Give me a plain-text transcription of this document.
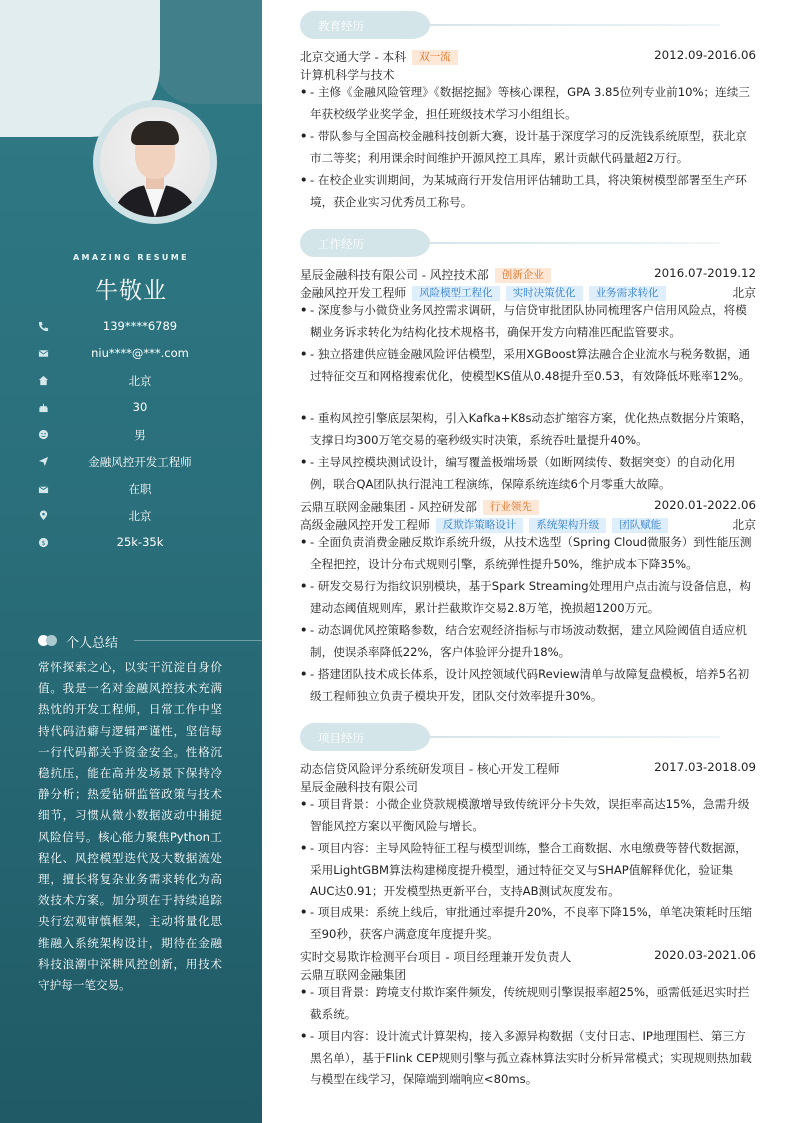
AMAZING RESUME
牛敬业
139****6789
niu****@***.com
北京
30
男
金融风控开发工程师
在职
北京
$	25k-35k
个人总结
常怀探索之心，以实干沉淀自身价值。我是一名对金融风控技术充满热忱的开发工程师，日常工作中坚持代码洁癖与逻辑严谨性，坚信每一行代码都关乎资金安全。性格沉稳抗压，能在高并发场景下保持冷静分析；热爱钻研监管政策与技术细节，习惯从微小数据波动中捕捉风险信号。核心能力聚焦Python工程化、风控模型迭代及大数据流处理，擅长将复杂业务需求转化为高效技术方案。加分项在于持续追踪央行宏观审慎框架，主动将量化思维融入系统架构设计，期待在金融科技浪潮中深耕风控创新，用技术守护每一笔交易。
教育经历
北京交通大学 - 本科 双一流	2012.09-2016.06
计算机科学与技术
• - 主修《金融风险管理》《数据挖掘》等核心课程，GPA 3.85位列专业前10%；连续三年获校级学业奖学金，担任班级技术学习小组组长。
• - 带队参与全国高校金融科技创新大赛，设计基于深度学习的反洗钱系统原型，获北京市二等奖；利用课余时间维护开源风控工具库，累计贡献代码量超2万行。
• - 在校企业实训期间，为某城商行开发信用评估辅助工具，将决策树模型部署至生产环境，获企业实习优秀员工称号。
工作经历
星辰金融科技有限公司 - 风控技术部 创新企业	2016.07-2019.12
金融风控开发工程师 风险模型工程化 实时决策优化 业务需求转化	北京
• - 深度参与小微贷业务风控需求调研，与信贷审批团队协同梳理客户信用风险点，将模糊业务诉求转化为结构化技术规格书，确保开发方向精准匹配监管要求。
• - 独立搭建供应链金融风险评估模型，采用XGBoost算法融合企业流水与税务数据，通过特征交互和网格搜索优化，使模型KS值从0.48提升至0.53，有效降低坏账率12%。
• - 重构风控引擎底层架构，引入Kafka+K8s动态扩缩容方案，优化热点数据分片策略，支撑日均300万笔交易的毫秒级实时决策，系统吞吐量提升40%。
• - 主导风控模块测试设计，编写覆盖极端场景（如断网续传、数据突变）的自动化用例，联合QA团队执行混沌工程演练，保障系统连续6个月零重大故障。
云鼎互联网金融集团 - 风控研发部 行业领先	2020.01-2022.06
高级金融风控开发工程师 反欺诈策略设计 系统架构升级 团队赋能	北京
• - 全面负责消费金融反欺诈系统升级，从技术选型（Spring Cloud微服务）到性能压测全程把控，设计分布式规则引擎，系统弹性提升50%，维护成本下降35%。
• - 研发交易行为指纹识别模块，基于Spark Streaming处理用户点击流与设备信息，构建动态阈值规则库，累计拦截欺诈交易2.8万笔，挽损超1200万元。
• - 动态调优风控策略参数，结合宏观经济指标与市场波动数据，建立风险阈值自适应机制，使误杀率降低22%，客户体验评分提升18%。
• - 搭建团队技术成长体系，设计风控领域代码Review清单与故障复盘模板，培养5名初级工程师独立负责子模块开发，团队交付效率提升30%。
项目经历
动态信贷风险评分系统研发项目 - 核心开发工程师	2017.03-2018.09
星辰金融科技有限公司
• - 项目背景：小微企业贷款规模激增导致传统评分卡失效，误拒率高达15%，急需升级智能风控方案以平衡风险与增长。
• - 项目内容：主导风险特征工程与模型训练，整合工商数据、水电缴费等替代数据源，采用LightGBM算法构建梯度提升模型，通过特征交叉与SHAP值解释优化，验证集AUC达0.91；开发模型热更新平台，支持AB测试灰度发布。
• - 项目成果：系统上线后，审批通过率提升20%，不良率下降15%，单笔决策耗时压缩至90秒，获客户满意度年度提升奖。
实时交易欺诈检测平台项目 - 项目经理兼开发负责人	2020.03-2021.06
云鼎互联网金融集团
• - 项目背景：跨境支付欺诈案件频发，传统规则引擎误报率超25%，亟需低延迟实时拦截系统。
• - 项目内容：设计流式计算架构，接入多源异构数据（支付日志、IP地理围栏、第三方黑名单），基于Flink CEP规则引擎与孤立森林算法实时分析异常模式；实现规则热加载与模型在线学习，保障端到端响应<80ms。
